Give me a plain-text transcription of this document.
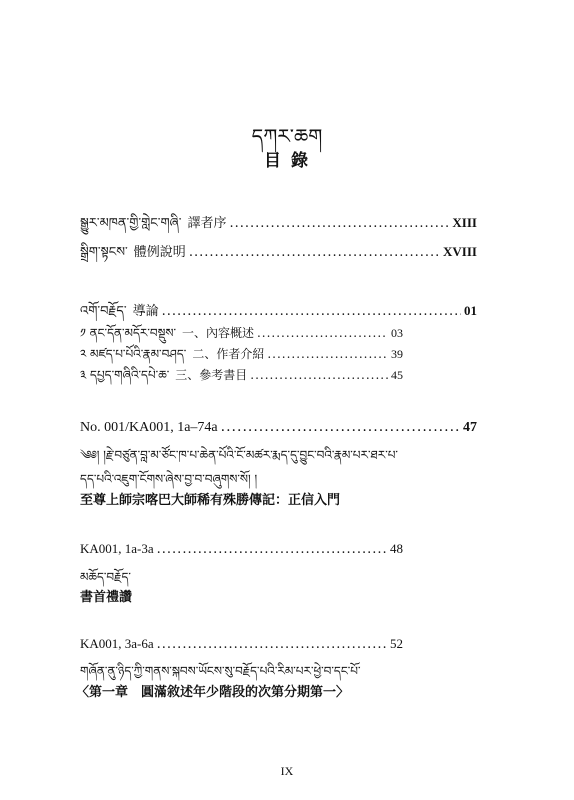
དཀར་ཆག
目 錄
སྒྱུར་མཁན་གྱི་གླེང་གཞི་ 譯者序 .....	XIII
སྒྲིག་སྟངས་ 體例說明 .....	XVIII
འགོ་བརྗོད་ 導論 .....	01
༡ ནང་དོན་མདོར་བསྡུས་ 一、內容概述 .....	03
༢ མཛད་པ་པོའི་རྣམ་བཤད་ 二、作者介紹 .....	39
༣ དཔྱད་གཞིའི་དཔེ་ཆ་ 三、參考書目 .....	45
No. 001/KA001, 1a–74a .....	47
༄༅། །རྗེ་བཙུན་བླ་མ་ཙོང་ཁ་པ་ཆེན་པོའི་ངོ་མཚར་རྨད་དུ་བྱུང་བའི་རྣམ་པར་ཐར་པ་
དད་པའི་འཇུག་ངོགས་ཞེས་བྱ་བ་བཞུགས་སོ། །
至尊上師宗喀巴大師稀有殊勝傳記：正信入門
KA001, 1a-3a .....	48
མཆོད་བརྗོད་
書首禮讚
KA001, 3a-6a .....	52
གཞོན་ནུ་ཉིད་ཀྱི་གནས་སྐབས་ཡོངས་སུ་བརྗོད་པའི་རིམ་པར་ཕྱེ་བ་དང་པོ་
〈第一章　圓滿敘述年少階段的次第分期第一〉
IX
